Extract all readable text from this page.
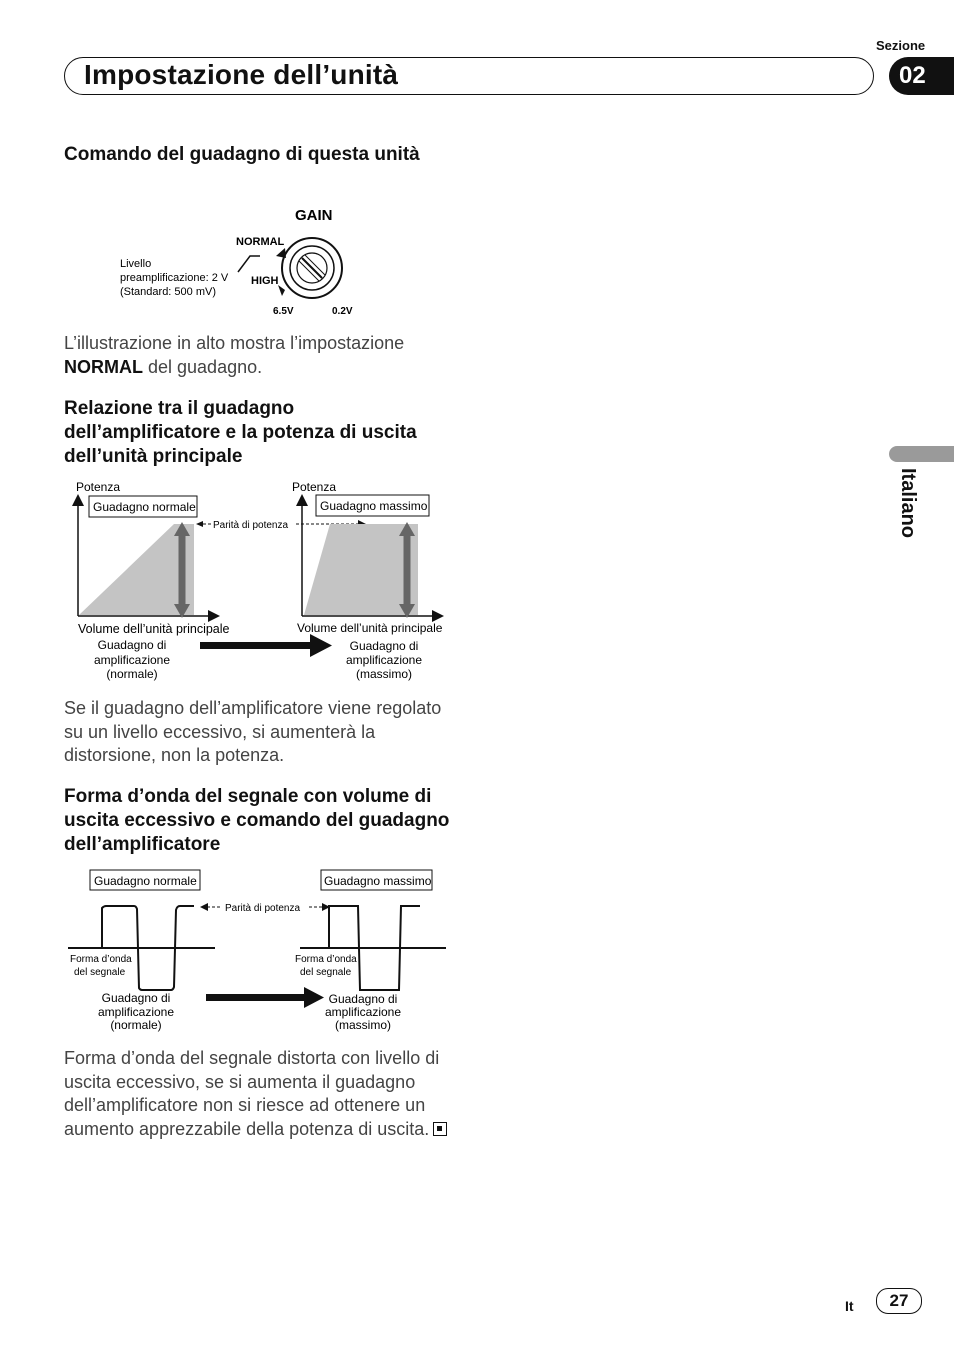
Sezione
Impostazione dell’unità	02
Italiano
Comando del guadagno di questa unità
GAIN
NORMAL
HIGH
Livello
preamplificazione: 2 V
(Standard: 500 mV)
6.5V	0.2V

L’illustrazione in alto mostra l’impostazione NORMAL del guadagno.

Relazione tra il guadagno dell’amplificatore e la potenza di uscita dell’unità principale
Potenza
Guadagno normale
Volume dell’unità principale
Guadagno di
amplificazione
(normale)
Parità di potenza
Potenza
Guadagno massimo
Volume dell’unità principale
Guadagno di
amplificazione
(massimo)

Se il guadagno dell’amplificatore viene regolato su un livello eccessivo, si aumenterà la distorsione, non la potenza.

Forma d’onda del segnale con volume di uscita eccessivo e comando del guadagno dell’amplificatore
Guadagno normale	Guadagno massimo
Forma d’onda
del segnale
Forma d’onda
del segnale
Parità di potenza
Guadagno di
amplificazione
(normale)
Guadagno di
amplificazione
(massimo)

Forma d’onda del segnale distorta con livello di uscita eccessivo, se si aumenta il guadagno dell’amplificatore non si riesce ad ottenere un aumento apprezzabile della potenza di uscita.

It	27
